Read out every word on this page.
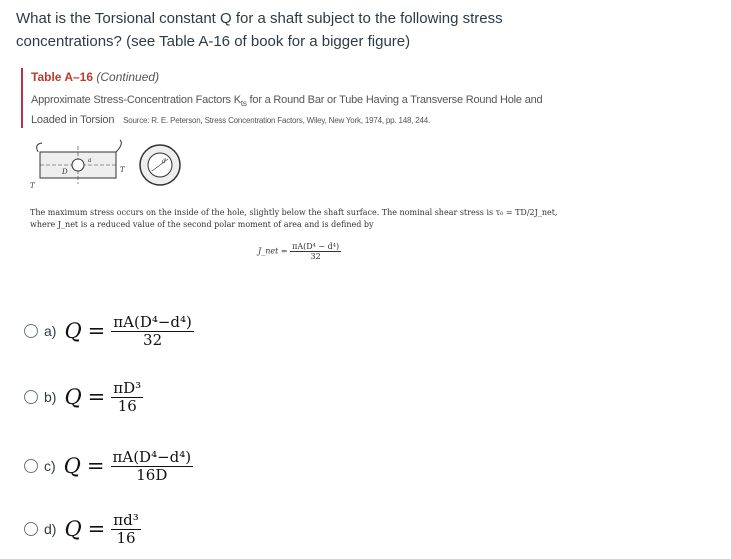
What is the Torsional constant Q for a shaft subject to the following stress
concentrations? (see Table A-16 of book for a bigger figure)
Table A–16 (Continued)
Approximate Stress-Concentration Factors $K_{ts}$ for a Round Bar or Tube Having a Transverse Round Hole and
Loaded in Torsion Source: R. E. Peterson, Stress Concentration Factors, Wiley, New York, 1974, pp. 148, 244.
T
T
D
a	d
The maximum stress occurs on the inside of the hole, slightly below the shaft surface. The nominal shear stress is τ₀ = TD/2J_net,
where J_net is a reduced value of the second polar moment of area and is defined by
J_net = $\frac{\text{πA(D⁴ − d⁴)}}{32}$
a) $Q = \frac{\text{πA(D⁴−d⁴)}}{32}$
b) $Q = \frac{\text{πD³}}{16}$
c) $Q = \frac{\text{πA(D⁴−d⁴)}}{16D}$
d) $Q = \frac{\text{πd³}}{16}$
